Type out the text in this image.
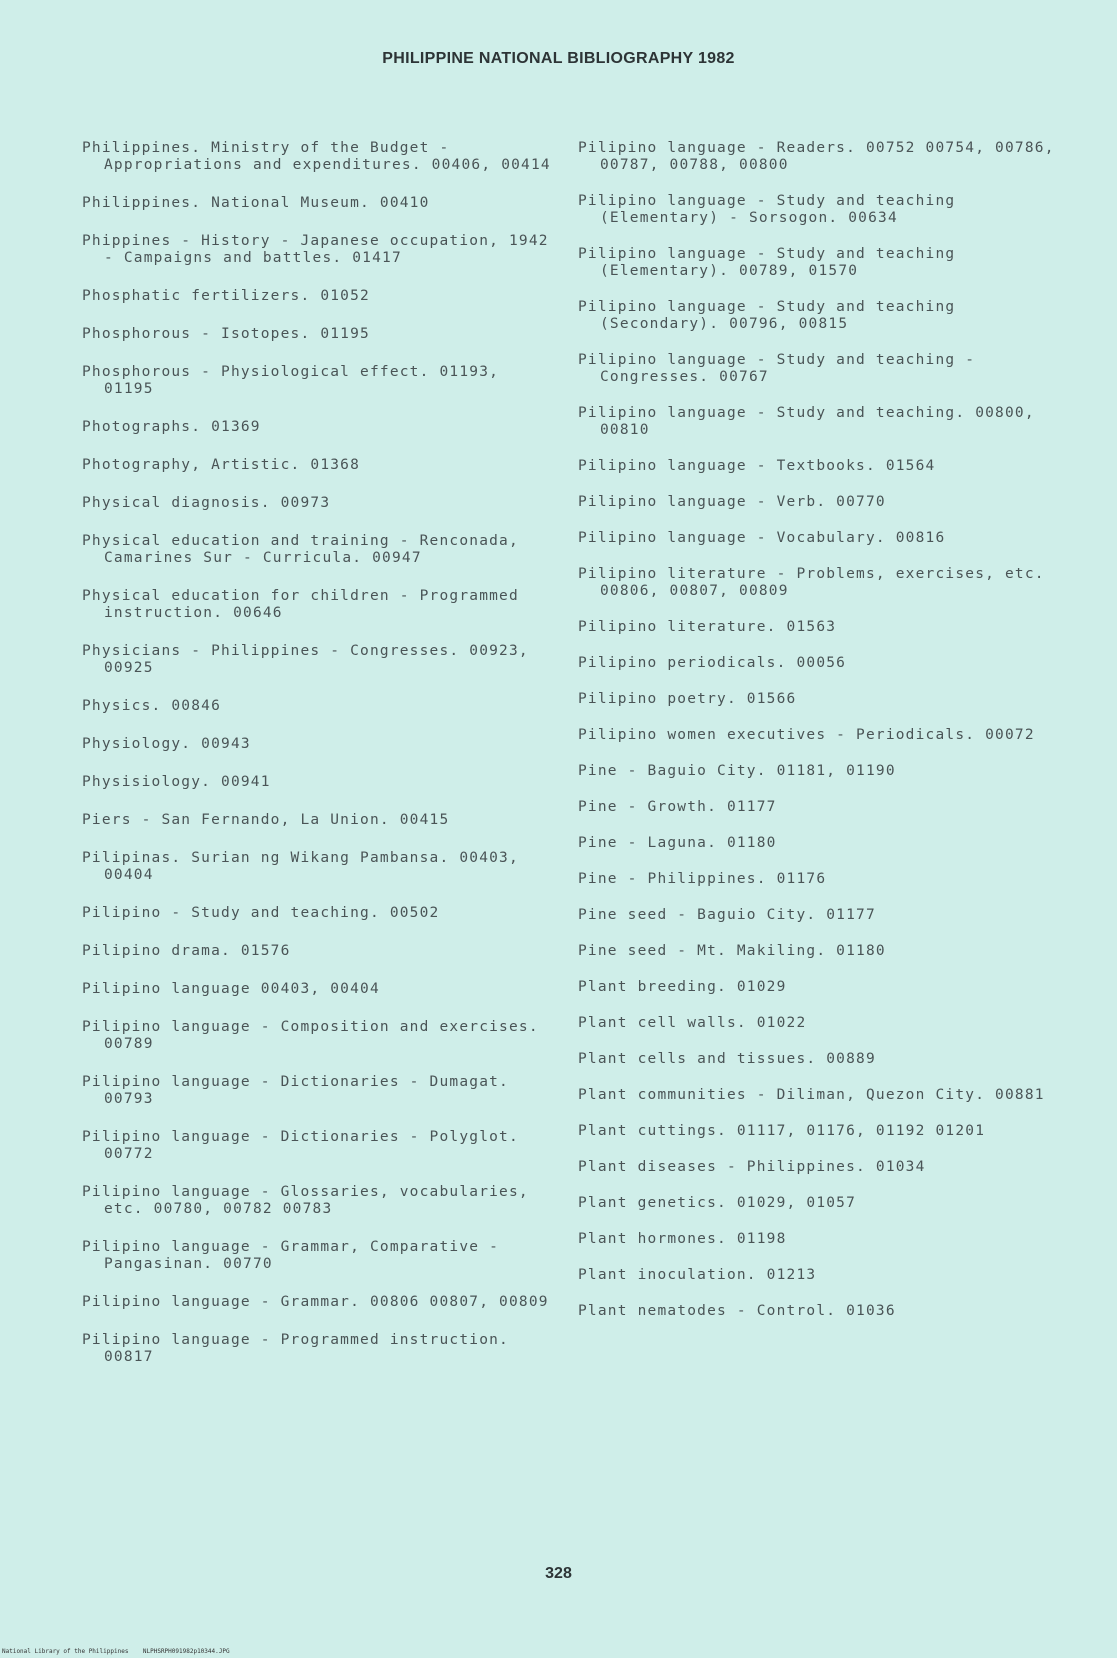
PHILIPPINE NATIONAL BIBLIOGRAPHY 1982
Philippines. Ministry of the Budget - Appropriations and expenditures. 00406, 00414
Philippines. National Museum. 00410
Phippines - History - Japanese occupation, 1942 - Campaigns and battles. 01417
Phosphatic fertilizers. 01052
Phosphorous - Isotopes. 01195
Phosphorous - Physiological effect. 01193, 01195
Photographs. 01369
Photography, Artistic. 01368
Physical diagnosis. 00973
Physical education and training - Renconada, Camarines Sur - Curricula. 00947
Physical education for children - Programmed instruction. 00646
Physicians - Philippines - Congresses. 00923, 00925
Physics. 00846
Physiology. 00943
Physisiology. 00941
Piers - San Fernando, La Union. 00415
Pilipinas. Surian ng Wikang Pambansa. 00403, 00404
Pilipino - Study and teaching. 00502
Pilipino drama. 01576
Pilipino language 00403, 00404
Pilipino language - Composition and exercises. 00789
Pilipino language - Dictionaries - Dumagat. 00793
Pilipino language - Dictionaries - Polyglot. 00772
Pilipino language - Glossaries, vocabularies, etc. 00780, 00782 00783
Pilipino language - Grammar, Comparative - Pangasinan. 00770
Pilipino language - Grammar. 00806 00807, 00809
Pilipino language - Programmed instruction. 00817
Pilipino language - Readers. 00752 00754, 00786, 00787, 00788, 00800
Pilipino language - Study and teaching (Elementary) - Sorsogon. 00634
Pilipino language - Study and teaching (Elementary). 00789, 01570
Pilipino language - Study and teaching (Secondary). 00796, 00815
Pilipino language - Study and teaching - Congresses. 00767
Pilipino language - Study and teaching. 00800, 00810
Pilipino language - Textbooks. 01564
Pilipino language - Verb. 00770
Pilipino language - Vocabulary. 00816
Pilipino literature - Problems, exercises, etc. 00806, 00807, 00809
Pilipino literature. 01563
Pilipino periodicals. 00056
Pilipino poetry. 01566
Pilipino women executives - Periodicals. 00072
Pine - Baguio City. 01181, 01190
Pine - Growth. 01177
Pine - Laguna. 01180
Pine - Philippines. 01176
Pine seed - Baguio City. 01177
Pine seed - Mt. Makiling. 01180
Plant breeding. 01029
Plant cell walls. 01022
Plant cells and tissues. 00889
Plant communities - Diliman, Quezon City. 00881
Plant cuttings. 01117, 01176, 01192 01201
Plant diseases - Philippines. 01034
Plant genetics. 01029, 01057
Plant hormones. 01198
Plant inoculation. 01213
Plant nematodes - Control. 01036
328
National Library of the Philippines    NLPHSRPH091982p10344.JPG
